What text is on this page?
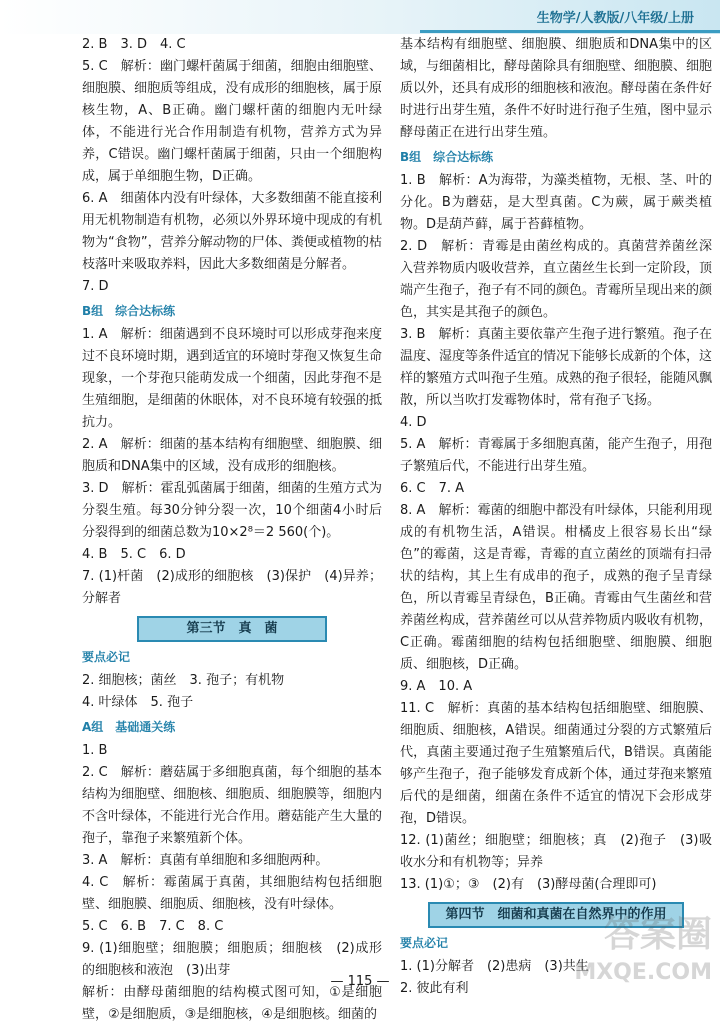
生物学/人教版/八年级/上册

2. B　3. D　4. C

5. C　解析：幽门螺杆菌属于细菌，细胞由细胞壁、细胞膜、细胞质等组成，没有成形的细胞核，属于原核生物，A、B正确。幽门螺杆菌的细胞内无叶绿体，不能进行光合作用制造有机物，营养方式为异养，C错误。幽门螺杆菌属于细菌，只由一个细胞构成，属于单细胞生物，D正确。

6. A　细菌体内没有叶绿体，大多数细菌不能直接利用无机物制造有机物，必须以外界环境中现成的有机物为“食物”，营养分解动物的尸体、粪便或植物的枯枝落叶来吸取养料，因此大多数细菌是分解者。

7. D

B组　综合达标练

1. A　解析：细菌遇到不良环境时可以形成芽孢来度过不良环境时期，遇到适宜的环境时芽孢又恢复生命现象，一个芽孢只能萌发成一个细菌，因此芽孢不是生殖细胞，是细菌的休眠体，对不良环境有较强的抵抗力。

2. A　解析：细菌的基本结构有细胞壁、细胞膜、细胞质和DNA集中的区域，没有成形的细胞核。

3. D　解析：霍乱弧菌属于细菌，细菌的生殖方式为分裂生殖。每30分钟分裂一次，10个细菌4小时后分裂得到的细菌总数为10×2⁸＝2 560(个)。

4. B　5. C　6. D

7. (1)杆菌　(2)成形的细胞核　(3)保护　(4)异养；分解者

第三节　真　菌
要点必记

2. 细胞核；菌丝　3. 孢子；有机物

4. 叶绿体　5. 孢子

A组　基础通关练

1. B

2. C　解析：蘑菇属于多细胞真菌，每个细胞的基本结构为细胞壁、细胞核、细胞质、细胞膜等，细胞内不含叶绿体，不能进行光合作用。蘑菇能产生大量的孢子，靠孢子来繁殖新个体。

3. A　解析：真菌有单细胞和多细胞两种。

4. C　解析：霉菌属于真菌，其细胞结构包括细胞壁、细胞膜、细胞质、细胞核，没有叶绿体。

5. C　6. B　7. C　8. C

9. (1)细胞壁；细胞膜；细胞质；细胞核　(2)成形的细胞核和液泡　(3)出芽

解析：由酵母菌细胞的结构模式图可知，①是细胞壁，②是细胞质，③是细胞核，④是细胞核。细菌的

基本结构有细胞壁、细胞膜、细胞质和DNA集中的区域，与细菌相比，酵母菌除具有细胞壁、细胞膜、细胞质以外，还具有成形的细胞核和液泡。酵母菌在条件好时进行出芽生殖，条件不好时进行孢子生殖，图中显示酵母菌正在进行出芽生殖。

B组　综合达标练

1. B　解析：A为海带，为藻类植物，无根、茎、叶的分化。B为蘑菇，是大型真菌。C为蕨，属于蕨类植物。D是葫芦藓，属于苔藓植物。

2. D　解析：青霉是由菌丝构成的。真菌营养菌丝深入营养物质内吸收营养，直立菌丝生长到一定阶段，顶端产生孢子，孢子有不同的颜色。青霉所呈现出来的颜色，其实是其孢子的颜色。

3. B　解析：真菌主要依靠产生孢子进行繁殖。孢子在温度、湿度等条件适宜的情况下能够长成新的个体，这样的繁殖方式叫孢子生殖。成熟的孢子很轻，能随风飘散，所以当吹打发霉物体时，常有孢子飞扬。

4. D

5. A　解析：青霉属于多细胞真菌，能产生孢子，用孢子繁殖后代，不能进行出芽生殖。

6. C　7. A

8. A　解析：霉菌的细胞中都没有叶绿体，只能利用现成的有机物生活，A错误。柑橘皮上很容易长出“绿色”的霉菌，这是青霉，青霉的直立菌丝的顶端有扫帚状的结构，其上生有成串的孢子，成熟的孢子呈青绿色，所以青霉呈青绿色，B正确。青霉由气生菌丝和营养菌丝构成，营养菌丝可以从营养物质内吸收有机物，C正确。霉菌细胞的结构包括细胞壁、细胞膜、细胞质、细胞核，D正确。

9. A　10. A

11. C　解析：真菌的基本结构包括细胞壁、细胞膜、细胞质、细胞核，A错误。细菌通过分裂的方式繁殖后代，真菌主要通过孢子生殖繁殖后代，B错误。真菌能够产生孢子，孢子能够发育成新个体，通过芽孢来繁殖后代的是细菌，细菌在条件不适宜的情况下会形成芽孢，D错误。

12. (1)菌丝；细胞壁；细胞核；真　(2)孢子　(3)吸收水分和有机物等；异养

13. (1)①；③　(2)有　(3)酵母菌(合理即可)

第四节　细菌和真菌在自然界中的作用
要点必记

1. (1)分解者　(2)患病　(3)共生

2. 彼此有利

— 115 —
答案圈
MXQE.COM
